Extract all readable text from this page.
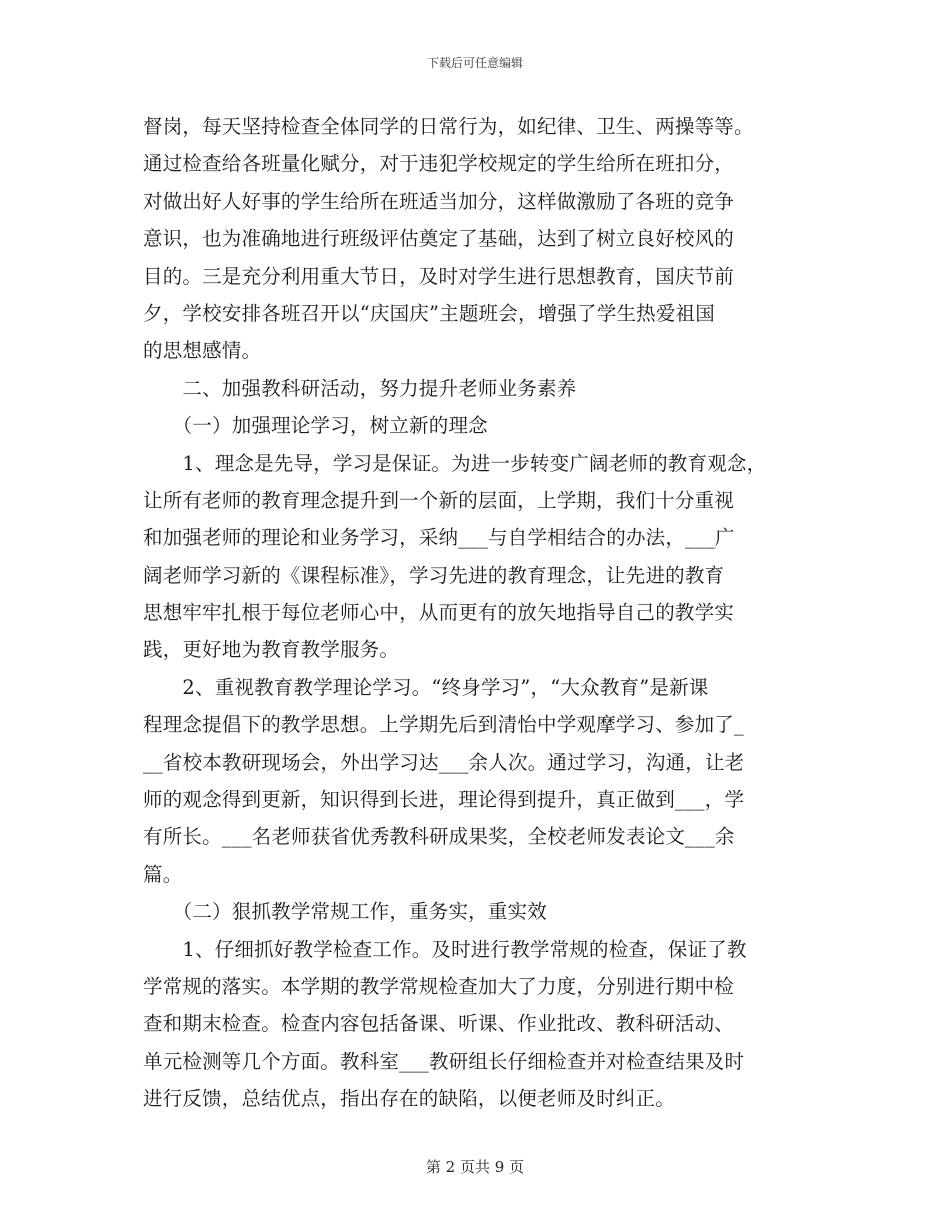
下载后可任意编辑
督岗，每天坚持检查全体同学的日常行为，如纪律、卫生、两操等等。
通过检查给各班量化赋分，对于违犯学校规定的学生给所在班扣分，
对做出好人好事的学生给所在班适当加分，这样做激励了各班的竞争
意识，也为准确地进行班级评估奠定了基础，达到了树立良好校风的
目的。三是充分利用重大节日，及时对学生进行思想教育，国庆节前
夕，学校安排各班召开以“庆国庆”主题班会，增强了学生热爱祖国
的思想感情。
　　二、加强教科研活动，努力提升老师业务素养
　　（一）加强理论学习，树立新的理念
　　1、理念是先导，学习是保证。为进一步转变广阔老师的教育观念，
让所有老师的教育理念提升到一个新的层面，上学期，我们十分重视
和加强老师的理论和业务学习，采纳___与自学相结合的办法，___广
阔老师学习新的《课程标准》，学习先进的教育理念，让先进的教育
思想牢牢扎根于每位老师心中，从而更有的放矢地指导自己的教学实
践，更好地为教育教学服务。
　　2、重视教育教学理论学习。“终身学习”，“大众教育”是新课
程理念提倡下的教学思想。上学期先后到清怡中学观摩学习、参加了_
__省校本教研现场会，外出学习达___余人次。通过学习，沟通，让老
师的观念得到更新，知识得到长进，理论得到提升，真正做到___，学
有所长。___名老师获省优秀教科研成果奖，全校老师发表论文___余
篇。
　　（二）狠抓教学常规工作，重务实，重实效
　　1、仔细抓好教学检查工作。及时进行教学常规的检查，保证了教
学常规的落实。本学期的教学常规检查加大了力度，分别进行期中检
查和期末检查。检查内容包括备课、听课、作业批改、教科研活动、
单元检测等几个方面。教科室___教研组长仔细检查并对检查结果及时
进行反馈，总结优点，指出存在的缺陷，以便老师及时纠正。
第 2 页共 9 页
